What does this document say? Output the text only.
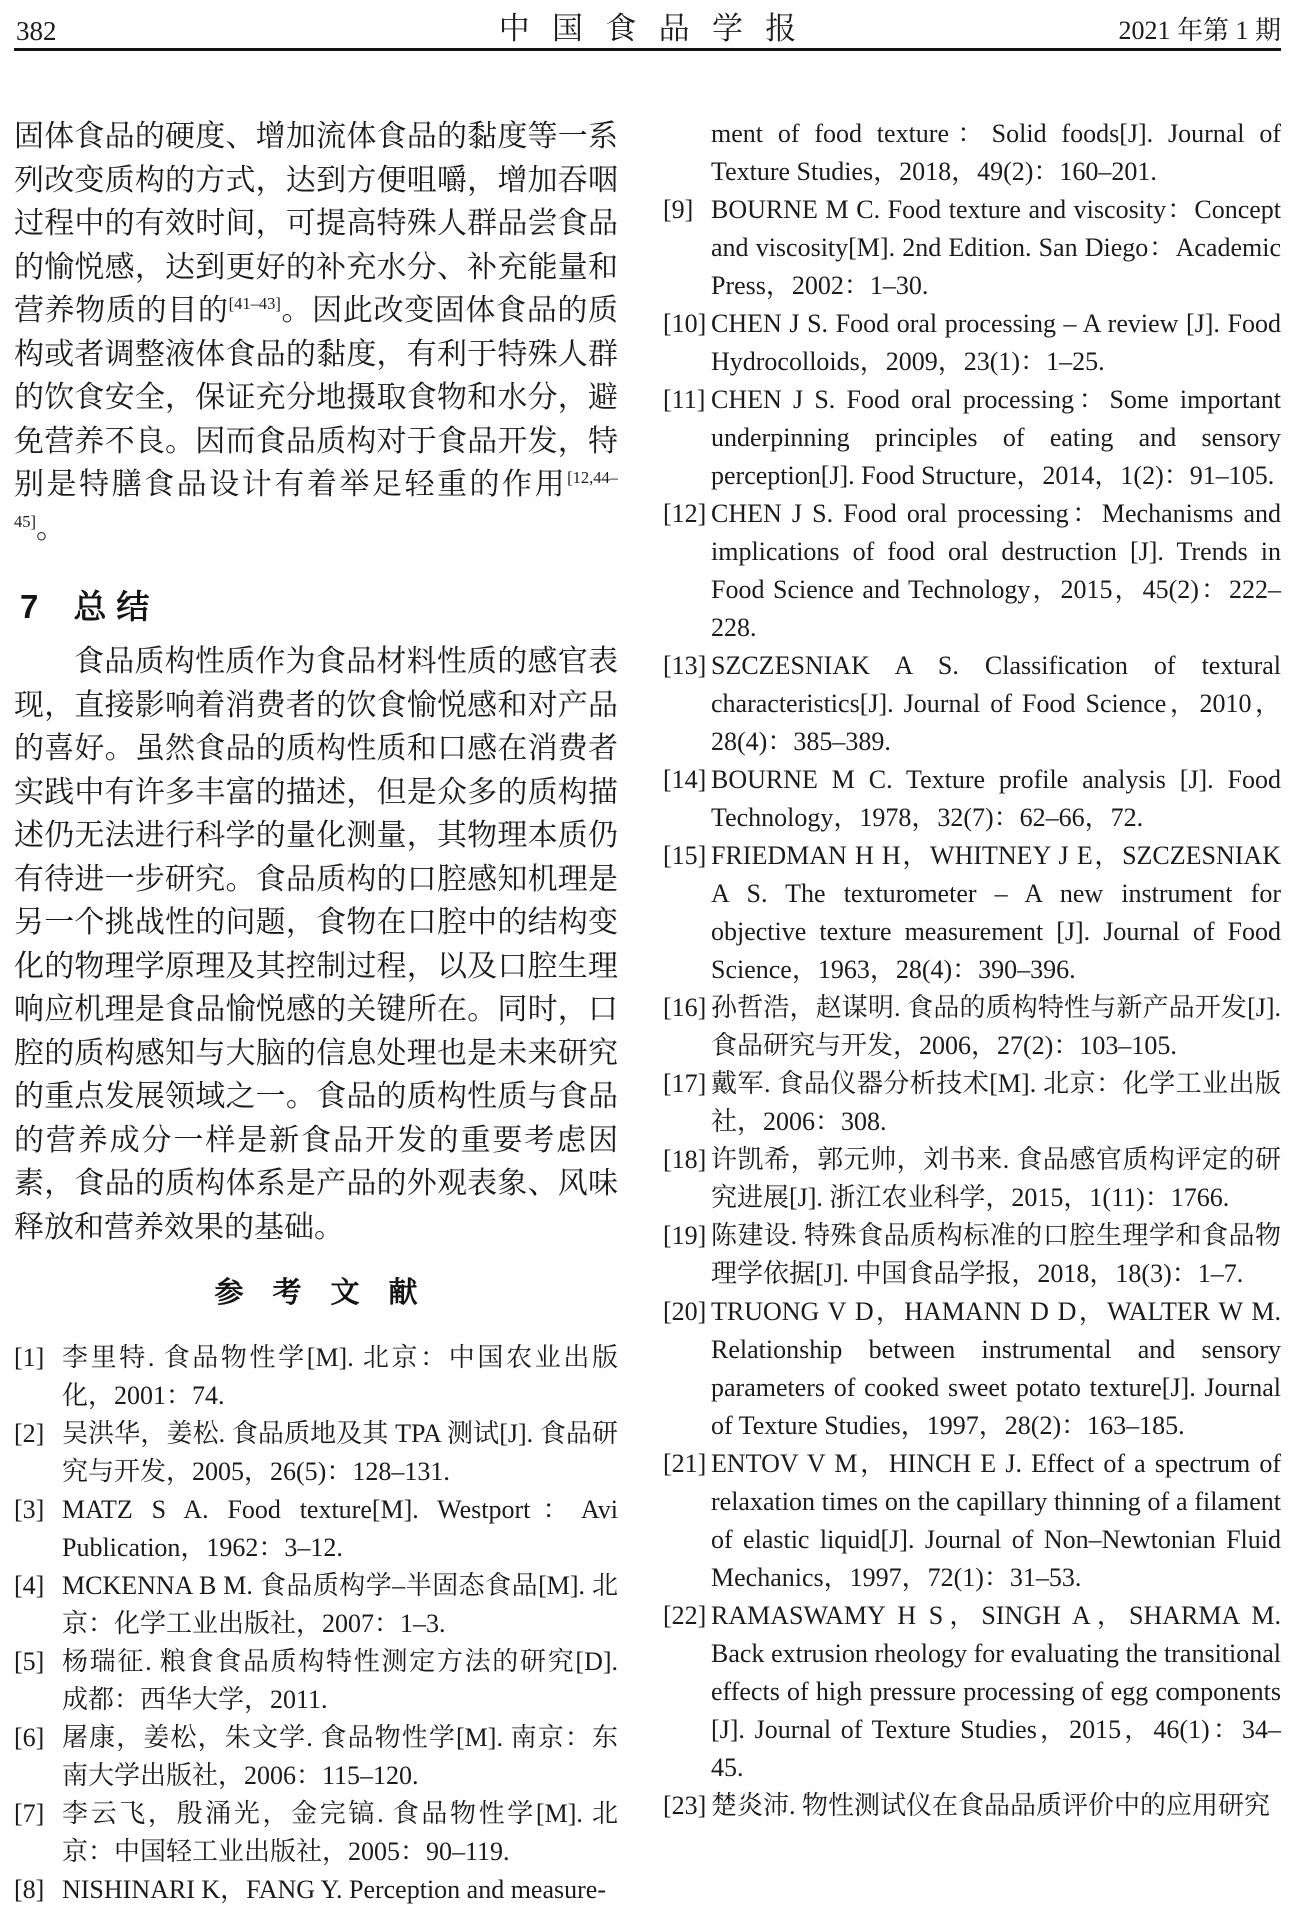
382	中国食品学报	2021 年第 1 期

固体食品的硬度、增加流体食品的黏度等一系列改变质构的方式，达到方便咀嚼，增加吞咽过程中的有效时间，可提高特殊人群品尝食品的愉悦感，达到更好的补充水分、补充能量和营养物质的目的[41–43]。因此改变固体食品的质构或者调整液体食品的黏度，有利于特殊人群的饮食安全，保证充分地摄取食物和水分，避免营养不良。因而食品质构对于食品开发，特别是特膳食品设计有着举足轻重的作用[12,44–45]。

7 总结

食品质构性质作为食品材料性质的感官表现，直接影响着消费者的饮食愉悦感和对产品的喜好。虽然食品的质构性质和口感在消费者实践中有许多丰富的描述，但是众多的质构描述仍无法进行科学的量化测量，其物理本质仍有待进一步研究。食品质构的口腔感知机理是另一个挑战性的问题，食物在口腔中的结构变化的物理学原理及其控制过程，以及口腔生理响应机理是食品愉悦感的关键所在。同时，口腔的质构感知与大脑的信息处理也是未来研究的重点发展领域之一。食品的质构性质与食品的营养成分一样是新食品开发的重要考虑因素，食品的质构体系是产品的外观表象、风味释放和营养效果的基础。

参考文献
[1] 李里特. 食品物性学[M]. 北京：中国农业出版化，2001：74.
[2] 吴洪华，姜松. 食品质地及其 TPA 测试[J]. 食品研究与开发，2005，26(5)：128–131.
[3] MATZ S A. Food texture[M]. Westport：Avi Publication，1962：3–12.
[4] MCKENNA B M. 食品质构学–半固态食品[M]. 北京：化学工业出版社，2007：1–3.
[5] 杨瑞征. 粮食食品质构特性测定方法的研究[D]. 成都：西华大学，2011.
[6] 屠康，姜松，朱文学. 食品物性学[M]. 南京：东南大学出版社，2006：115–120.
[7] 李云飞，殷涌光，金完镐. 食品物性学[M]. 北京：中国轻工业出版社，2005：90–119.
[8] NISHINARI K，FANG Y. Perception and measure-
ment of food texture：Solid foods[J]. Journal of Texture Studies，2018，49(2)：160–201.
[9] BOURNE M C. Food texture and viscosity：Concept and viscosity[M]. 2nd Edition. San Diego：Academic Press，2002：1–30.
[10] CHEN J S. Food oral processing – A review [J]. Food Hydrocolloids，2009，23(1)：1–25.
[11] CHEN J S. Food oral processing：Some important underpinning principles of eating and sensory perception[J]. Food Structure，2014，1(2)：91–105.
[12] CHEN J S. Food oral processing：Mechanisms and implications of food oral destruction [J]. Trends in Food Science and Technology，2015，45(2)：222–228.
[13] SZCZESNIAK A S. Classification of textural characteristics[J]. Journal of Food Science，2010，28(4)：385–389.
[14] BOURNE M C. Texture profile analysis [J]. Food Technology，1978，32(7)：62–66，72.
[15] FRIEDMAN H H，WHITNEY J E，SZCZESNIAK A S. The texturometer – A new instrument for objective texture measurement [J]. Journal of Food Science，1963，28(4)：390–396.
[16] 孙哲浩，赵谋明. 食品的质构特性与新产品开发[J]. 食品研究与开发，2006，27(2)：103–105.
[17] 戴军. 食品仪器分析技术[M]. 北京：化学工业出版社，2006：308.
[18] 许凯希，郭元帅，刘书来. 食品感官质构评定的研究进展[J]. 浙江农业科学，2015，1(11)：1766.
[19] 陈建设. 特殊食品质构标准的口腔生理学和食品物理学依据[J]. 中国食品学报，2018，18(3)：1–7.
[20] TRUONG V D，HAMANN D D，WALTER W M. Relationship between instrumental and sensory parameters of cooked sweet potato texture[J]. Journal of Texture Studies，1997，28(2)：163–185.
[21] ENTOV V M，HINCH E J. Effect of a spectrum of relaxation times on the capillary thinning of a filament of elastic liquid[J]. Journal of Non–Newtonian Fluid Mechanics，1997，72(1)：31–53.
[22] RAMASWAMY H S，SINGH A，SHARMA M. Back extrusion rheology for evaluating the transitional effects of high pressure processing of egg components [J]. Journal of Texture Studies，2015，46(1)：34–45.
[23] 楚炎沛. 物性测试仪在食品品质评价中的应用研究
